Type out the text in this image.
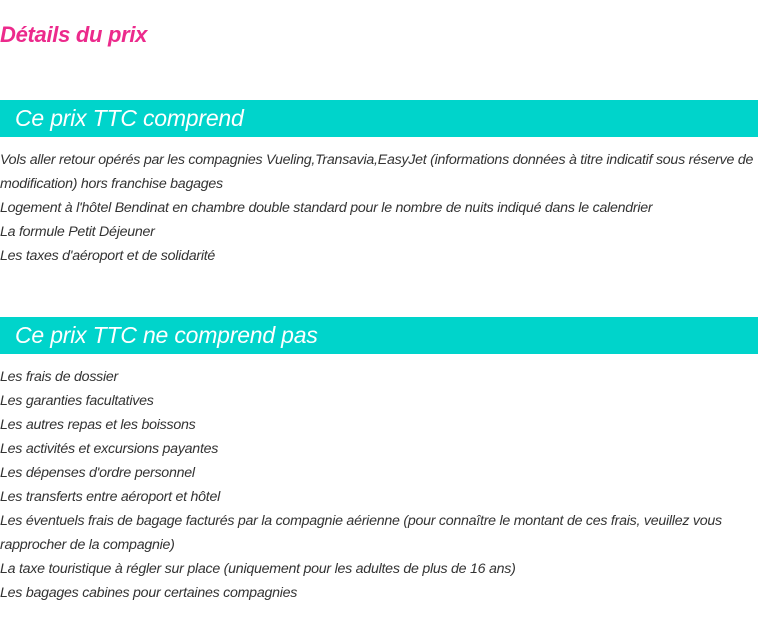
Détails du prix
Ce prix TTC comprend
Vols aller retour opérés par les compagnies Vueling,Transavia,EasyJet (informations données à titre indicatif sous réserve de modification) hors franchise bagages
Logement à l'hôtel Bendinat en chambre double standard pour le nombre de nuits indiqué dans le calendrier
La formule Petit Déjeuner
Les taxes d'aéroport et de solidarité
Ce prix TTC ne comprend pas
Les frais de dossier
Les garanties facultatives
Les autres repas et les boissons
Les activités et excursions payantes
Les dépenses d'ordre personnel
Les transferts entre aéroport et hôtel
Les éventuels frais de bagage facturés par la compagnie aérienne (pour connaître le montant de ces frais, veuillez vous rapprocher de la compagnie)
La taxe touristique à régler sur place (uniquement pour les adultes de plus de 16 ans)
Les bagages cabines pour certaines compagnies
